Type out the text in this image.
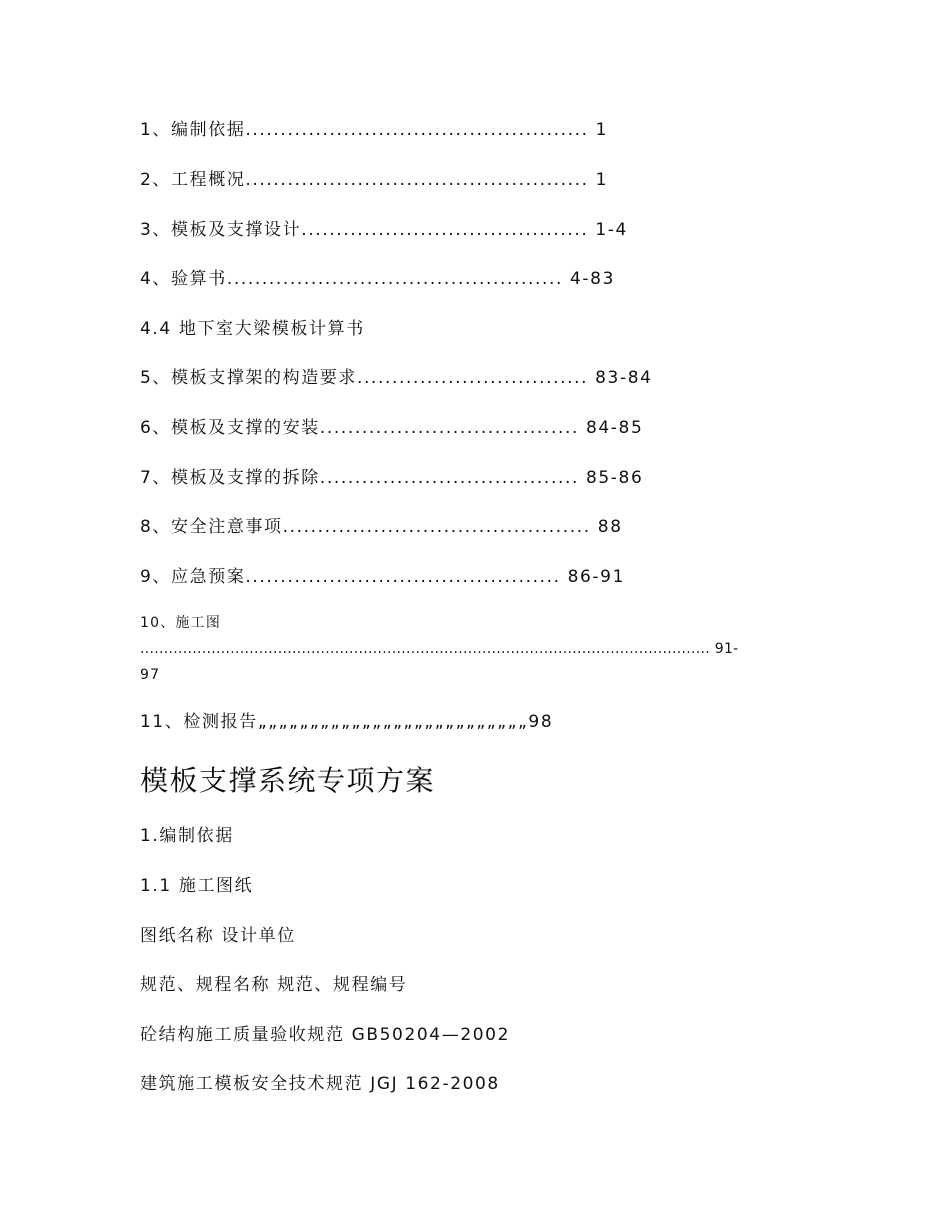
1、编制依据................................................. 1
2、工程概况................................................. 1
3、模板及支撑设计......................................... 1-4
4、验算书................................................ 4-83
4.4 地下室大梁模板计算书
5、模板支撑架的构造要求................................. 83-84
6、模板及支撑的安装..................................... 84-85
7、模板及支撑的拆除..................................... 85-86
8、安全注意事项............................................ 88
9、应急预案............................................. 86-91
10、施工图
........................................................................................................................ 91-
97
11、检测报告„„„„„„„„„„„„„„„„„„„„„„„„„„98
模板支撑系统专项方案
1.编制依据
1.1 施工图纸
图纸名称 设计单位
规范、规程名称 规范、规程编号
砼结构施工质量验收规范 GB50204—2002
建筑施工模板安全技术规范 JGJ 162-2008
